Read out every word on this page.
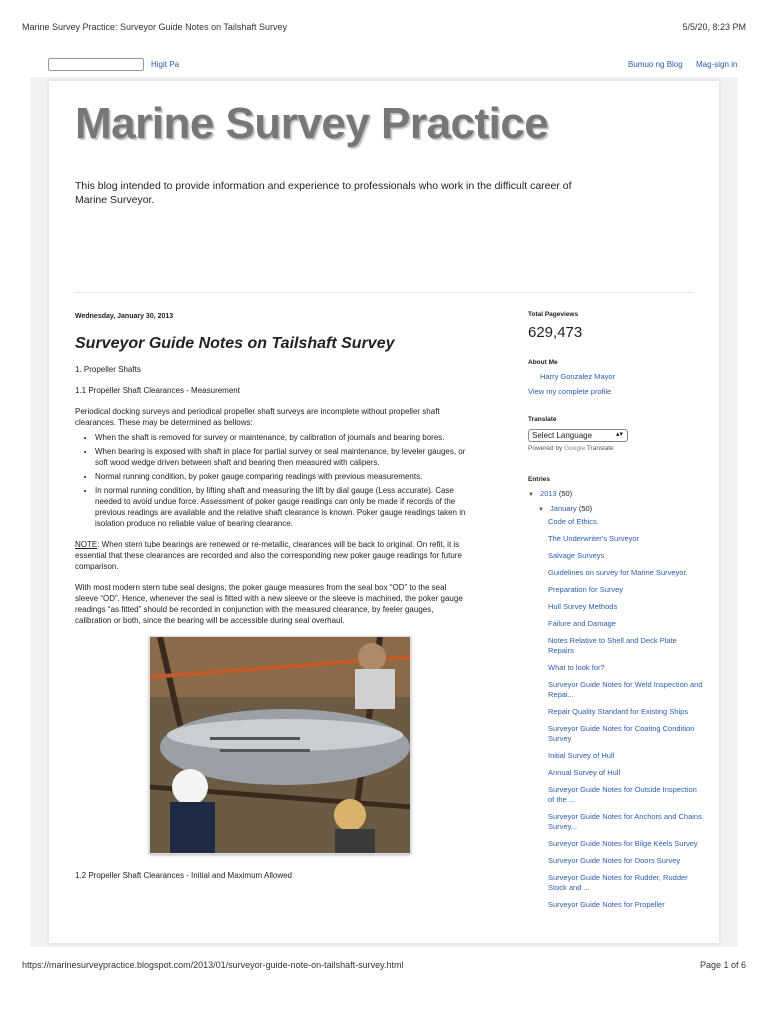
Marine Survey Practice: Surveyor Guide Notes on Tailshaft Survey	5/5/20, 8:23 PM
Higit Pa	Bumuo ng Blog Mag-sign in
Marine Survey Practice

This blog intended to provide information and experience to professionals who work in the difficult career of Marine Surveyor.

Wednesday, January 30, 2013
Surveyor Guide Notes on Tailshaft Survey

1. Propeller Shafts

1.1 Propeller Shaft Clearances - Measurement

Periodical docking surveys and periodical propeller shaft surveys are incomplete without propeller shaft clearances. These may be determined as bellows:

• When the shaft is removed for survey or maintenance, by calibration of journals and bearing bores.
• When bearing is exposed with shaft in place for partial survey or seal maintenance, by leveler gauges, or soft wood wedge driven between shaft and bearing then measured with calipers.
• Normal running condition, by poker gauge comparing readings with previous measurements.
• In normal running condition, by lifting shaft and measuring the lift by dial gauge (Less accurate). Case needed to avoid undue force. Assessment of poker gauge readings can only be made if records of the previous readings are available and the relative shaft clearance is known. Poker gauge readings taken in isolation produce no reliable value of bearing clearance.

NOTE: When stern tube bearings are renewed or re-metallic, clearances will be back to original. On refit, it is essential that these clearances are recorded and also the corresponding new poker gauge readings for future comparison.

With most modern stern tube seal designs, the poker gauge measures from the seal box “OD” to the seal sleeve “OD”. Hence, whenever the seal is fitted with a new sleeve or the sleeve is machined, the poker gauge readings “as fitted” should be recorded in conjunction with the measured clearance, by feeler gauges, calibration or both, since the bearing will be accessible during seal overhaul.

1.2 Propeller Shaft Clearances - Initial and Maximum Allowed

Total Pageviews
629,473
About Me
Harry Gonzalez Mayor
View my complete profile
Translate
Select Language	▴▾
Powered by Google Translate
Entries
▼ 2013 (50)
▼ January (50)
Code of Ethics.
The Underwriter's Surveyor
Salvage Surveys
Guidelines on survey for Marine Surveyor.
Preparation for Survey
Hull Survey Methods
Failure and Damage
Notes Relative to Shell and Deck Plate Repairs
What to look for?
Surveyor Guide Notes for Weld Inspection and Repai...
Repair Quality Standard for Existing Ships
Surveyor Guide Notes for Coating Condition Survey
Initial Survey of Hull
Annual Survey of Hull
Surveyor Guide Notes for Outside Inspection of the ...
Surveyor Guide Notes for Anchors and Chains Survey...
Surveyor Guide Notes for Bilge Keels Survey
Surveyor Guide Notes for Doors Survey
Surveyor Guide Notes for Rudder, Rudder Stock and ...
Surveyor Guide Notes for Propeller
https://marinesurveypractice.blogspot.com/2013/01/surveyor-guide-note-on-tailshaft-survey.html	Page 1 of 6
